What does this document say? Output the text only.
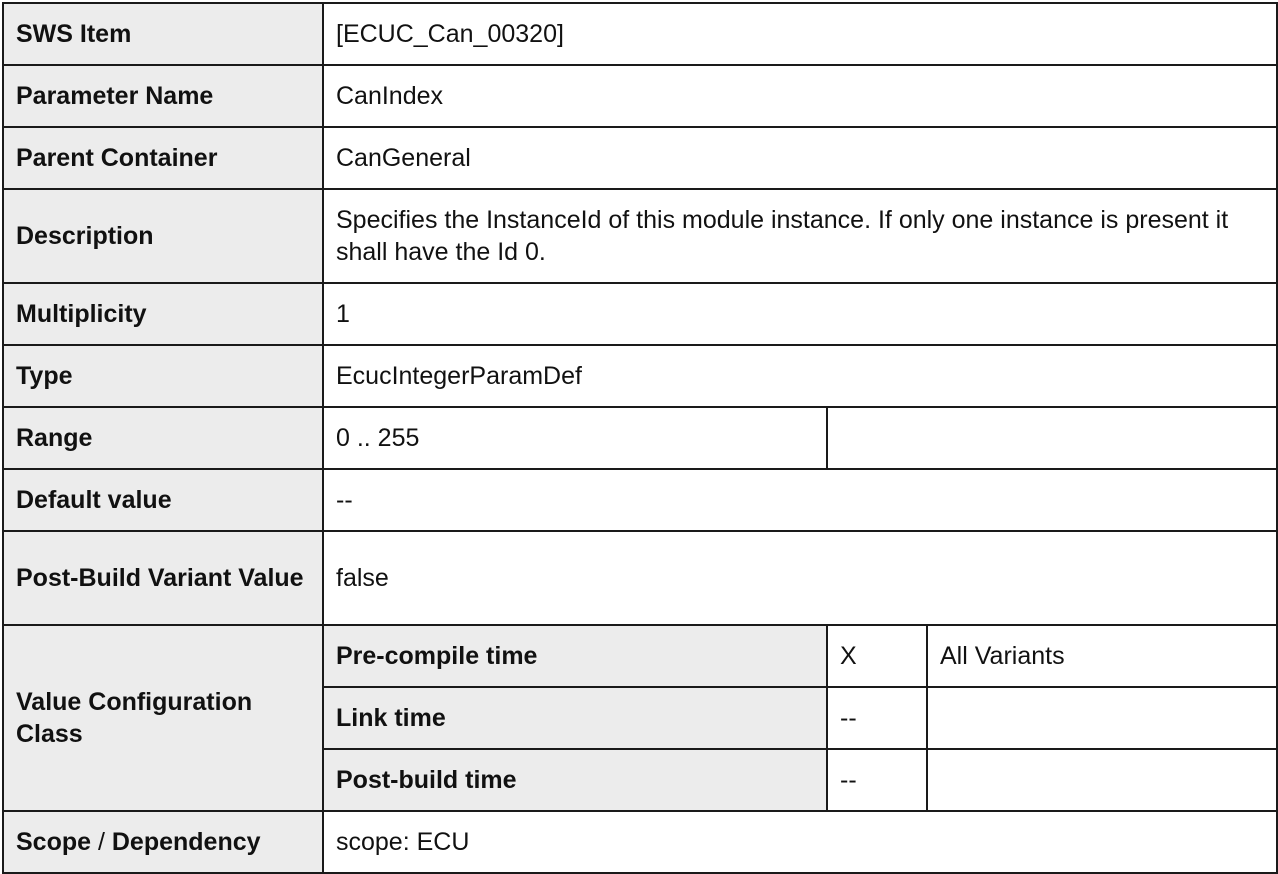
SWS Item	[ECUC_Can_00320]		
Parameter Name	CanIndex		
Parent Container	CanGeneral		
Description	Specifies the InstanceId of this module instance. If only one instance is present it shall have the Id 0.		
Multiplicity	1		
Type	EcucIntegerParamDef		
Range	0 .. 255		
Default value	--		
Post-Build Variant Value	false		
Value Configuration Class	Pre-compile time	X	All Variants
	Link time	--	
	Post-build time	--	
Scope / Dependency	scope: ECU		
